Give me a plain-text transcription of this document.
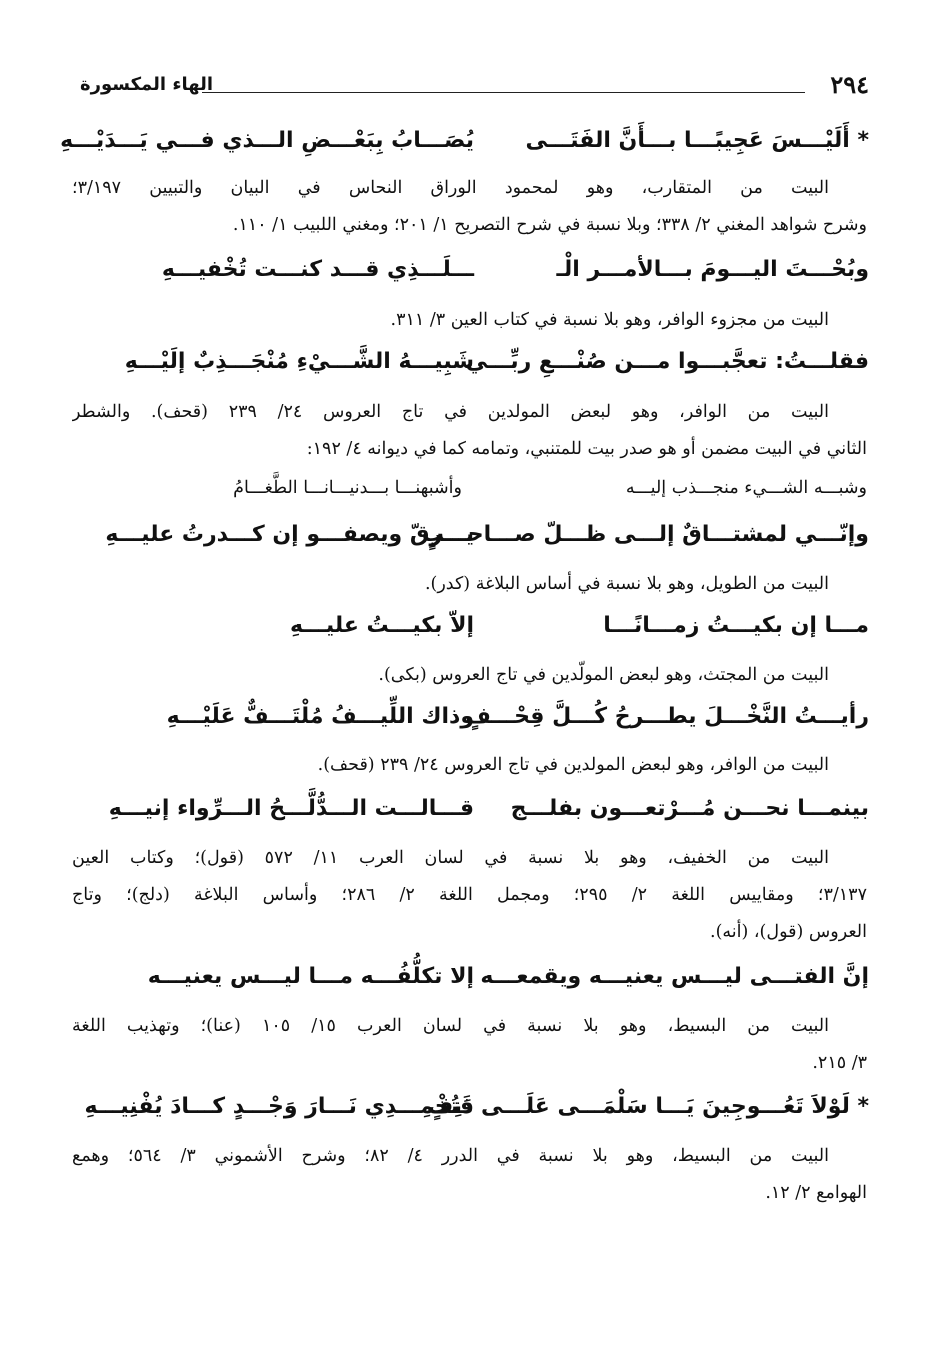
٢٩٤
الهاء المكسورة
* أَلَيْـــسَ عَجِيبًـــا بـــأَنَّ الفَتَـــى
يُصَـــابُ بِبَعْـــضِ الـــذي فـــي يَـــدَيْـــهِ
البيت من المتقارب، وهو لمحمود الوراق النحاس في البيان والتبيين ٣/١٩٧؛
وشرح شواهد المغني ٢/ ٣٣٨؛ وبلا نسبة في شرح التصريح ١/ ٢٠١؛ ومغني اللبيب ١/ ١١٠.
وبُحْـــتَ اليـــومَ بـــالأمـــر الْـ
ـــلَـــذِي قـــد كنـــت تُخْفيـــهِ
البيت من مجزوء الوافر، وهو بلا نسبة في كتاب العين ٣/ ٣١١.
فقلـــتُ: تعجَّبـــوا مـــن صُنْـــعِ ربِّـــي
شَبِيـــهُ الشَّـــيْءِ مُنْجَـــذِبٌ إلَيْـــهِ
البيت من الوافر، وهو لبعض المولدين في تاج العروس ٢٤/ ٢٣٩ (قحف). والشطر
الثاني في البيت مضمن أو هو صدر بيت للمتنبي، وتمامه كما في ديوانه ٤/ ١٩٢:
وشبـــه الشـــيء منجـــذب إليـــه
وأشبهنـــا بـــدنيـــانـــا الطَّغـــامُ
وإنّـــي لمشتـــاقٌ إلـــى ظـــلّ صـــاحـــبٍ
يـــرقّ ويصفـــو إن كـــدرتُ عليـــهِ
البيت من الطويل، وهو بلا نسبة في أساس البلاغة (كدر).
مـــا إن بكيـــتُ زمـــانًـــا
إلاّ بكيـــتُ عليـــهِ
البيت من المجتث، وهو لبعض المولّدين في تاج العروس (بكى).
رأيـــتُ النَّخْـــلَ يطـــرحُ كُـــلَّ قِحْـــفٍ
وذاك اللِّيـــفُ مُلْتَـــفٌّ عَلَيْـــهِ
البيت من الوافر، وهو لبعض المولدين في تاج العروس ٢٤/ ٢٣٩ (قحف).
بينمـــا نحـــن مُـــرْتعـــون بفلـــج
قـــالـــت الـــدُّلَّـــحُ الـــرِّواء إنيـــهِ
البيت من الخفيف، وهو بلا نسبة في لسان العرب ١١/ ٥٧٢ (قول)؛ وكتاب العين
٣/١٣٧؛ ومقاييس اللغة ٢/ ٢٩٥؛ ومجمل اللغة ٢/ ٢٨٦؛ وأساس البلاغة (دلج)؛ وتاج
العروس (قول)، (أنه).
إنَّ الفتـــى ليـــس يعنيـــه ويقمعـــه
إلا تكلُّفُـــه مـــا ليـــس يعنيـــه
البيت من البسيط، وهو بلا نسبة في لسان العرب ١٥/ ١٠٥ (عنا)؛ وتهذيب اللغة
٣/ ٢١٥.
* لَوْلاَ تَعُـــوجِينَ يَـــا سَلْمَـــى عَلَـــى دَنِفٍ
فَتُخْمِـــدِي نَـــارَ وَجْـــدٍ كـــادَ يُفْنِيـــهِ
البيت من البسيط، وهو بلا نسبة في الدرر ٤/ ٨٢؛ وشرح الأشموني ٣/ ٥٦٤؛ وهمع
الهوامع ٢/ ١٢.
